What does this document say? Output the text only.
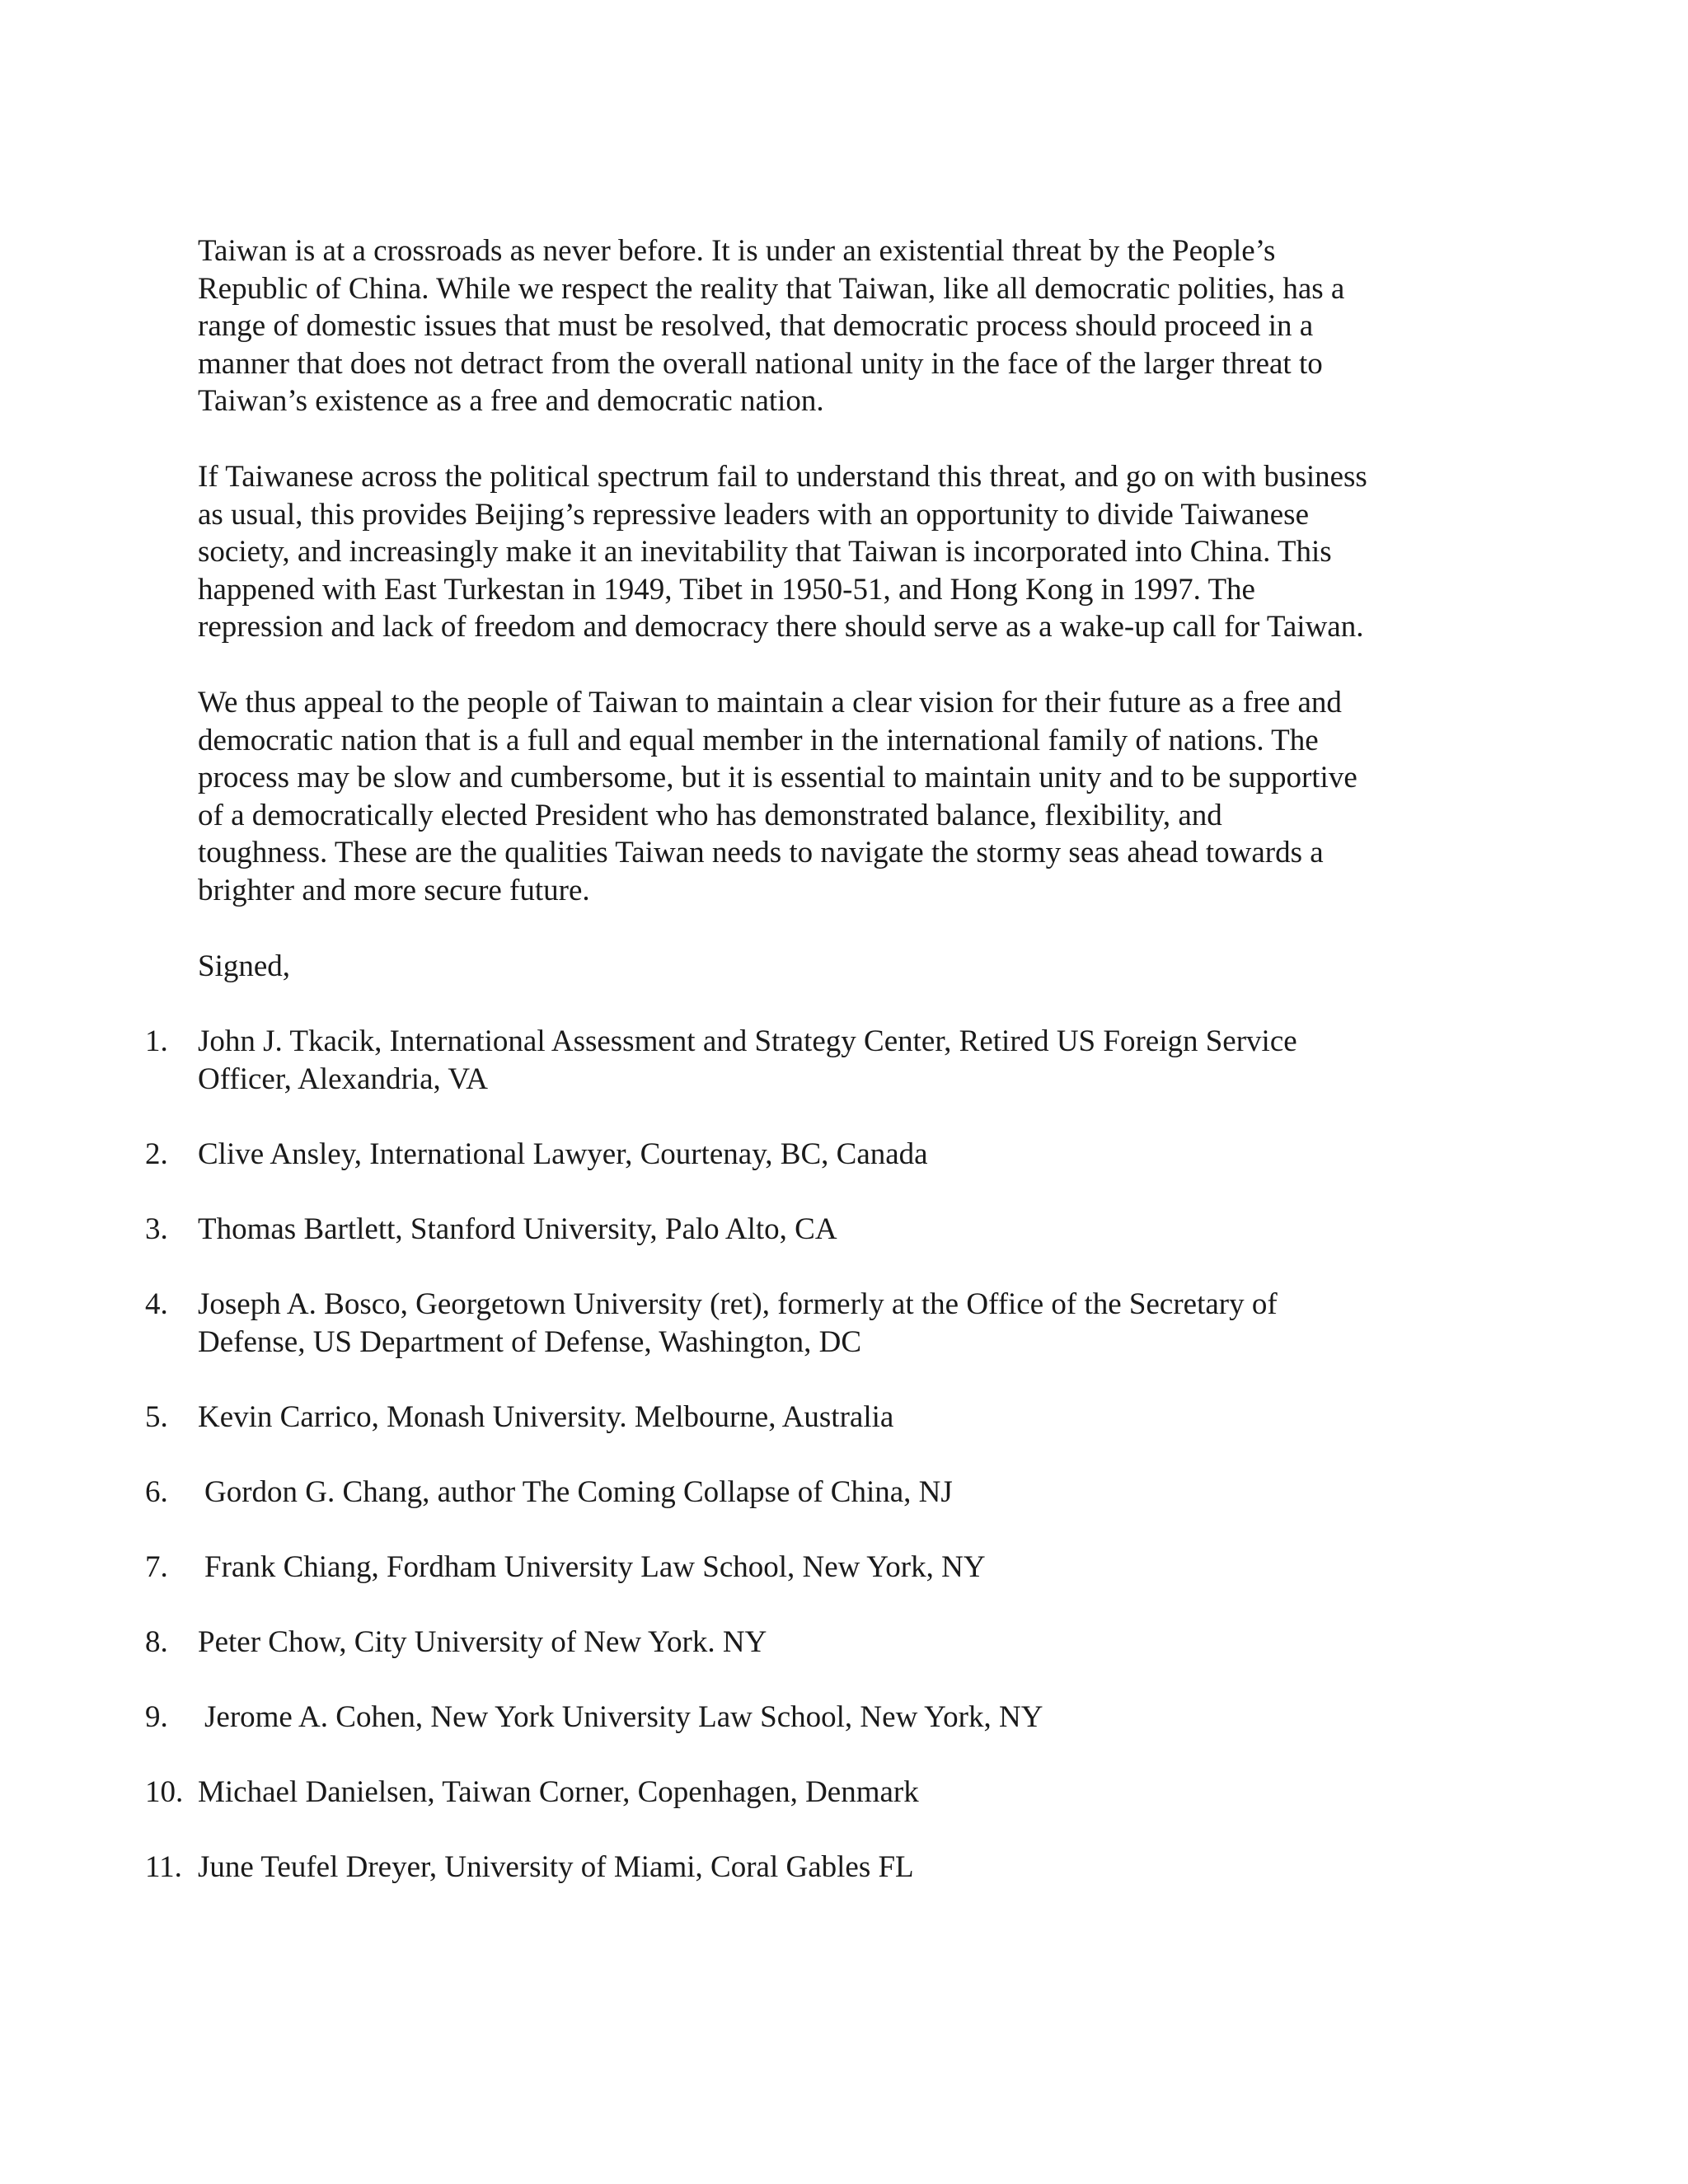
Taiwan is at a crossroads as never before. It is under an existential threat by the People’s
Republic of China. While we respect the reality that Taiwan, like all democratic polities, has a
range of domestic issues that must be resolved, that democratic process should proceed in a
manner that does not detract from the overall national unity in the face of the larger threat to
Taiwan’s existence as a free and democratic nation.

If Taiwanese across the political spectrum fail to understand this threat, and go on with business
as usual, this provides Beijing’s repressive leaders with an opportunity to divide Taiwanese
society, and increasingly make it an inevitability that Taiwan is incorporated into China. This
happened with East Turkestan in 1949, Tibet in 1950-51, and Hong Kong in 1997. The
repression and lack of freedom and democracy there should serve as a wake-up call for Taiwan.

We thus appeal to the people of Taiwan to maintain a clear vision for their future as a free and
democratic nation that is a full and equal member in the international family of nations. The
process may be slow and cumbersome, but it is essential to maintain unity and to be supportive
of a democratically elected President who has demonstrated balance, flexibility, and
toughness. These are the qualities Taiwan needs to navigate the stormy seas ahead towards a
brighter and more secure future.

Signed,

1. John J. Tkacik, International Assessment and Strategy Center, Retired US Foreign Service
Officer, Alexandria, VA
2. Clive Ansley, International Lawyer, Courtenay, BC, Canada
3. Thomas Bartlett, Stanford University, Palo Alto, CA
4. Joseph A. Bosco, Georgetown University (ret), formerly at the Office of the Secretary of
Defense, US Department of Defense, Washington, DC
5. Kevin Carrico, Monash University. Melbourne, Australia
6. Gordon G. Chang, author The Coming Collapse of China, NJ
7. Frank Chiang, Fordham University Law School, New York, NY
8. Peter Chow, City University of New York. NY
9. Jerome A. Cohen, New York University Law School, New York, NY
10. Michael Danielsen, Taiwan Corner, Copenhagen, Denmark
11. June Teufel Dreyer, University of Miami, Coral Gables FL
